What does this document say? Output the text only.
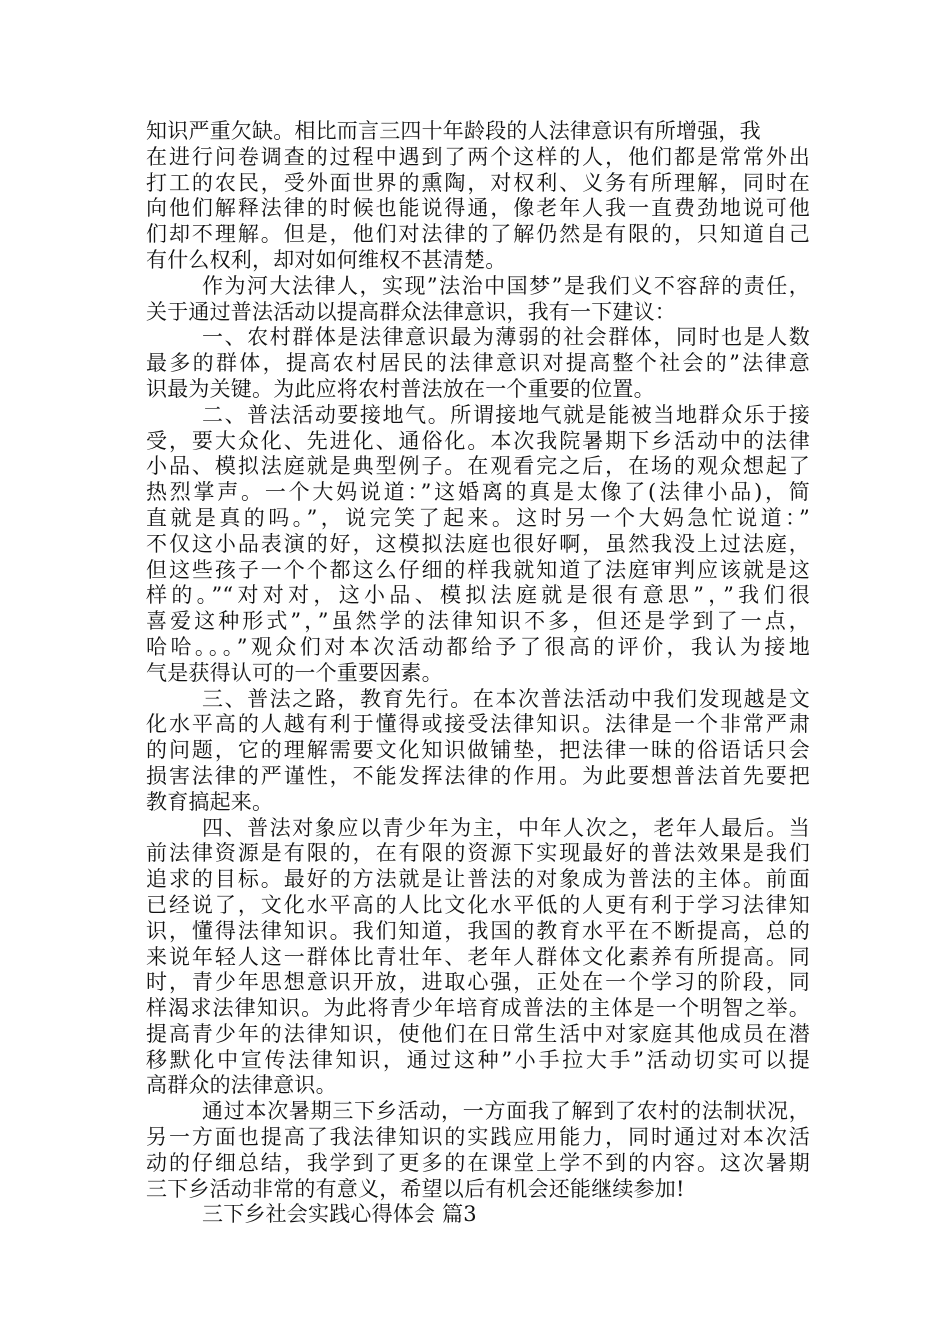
知识严重欠缺。相比而言三四十年龄段的人法律意识有所增强，我
在进行问卷调查的过程中遇到了两个这样的人，他们都是常常外出
打工的农民，受外面世界的熏陶，对权利、义务有所理解，同时在
向他们解释法律的时候也能说得通，像老年人我一直费劲地说可他
们却不理解。但是，他们对法律的了解仍然是有限的，只知道自己
有什么权利，却对如何维权不甚清楚。
作为河大法律人，实现”法治中国梦”是我们义不容辞的责任，
关于通过普法活动以提高群众法律意识，我有一下建议：
一、农村群体是法律意识最为薄弱的社会群体，同时也是人数
最多的群体，提高农村居民的法律意识对提高整个社会的”法律意
识最为关键。为此应将农村普法放在一个重要的位置。
二、普法活动要接地气。所谓接地气就是能被当地群众乐于接
受，要大众化、先进化、通俗化。本次我院暑期下乡活动中的法律
小品、模拟法庭就是典型例子。在观看完之后，在场的观众想起了
热烈掌声。一个大妈说道：”这婚离的真是太像了(法律小品)，简
直就是真的吗。”，说完笑了起来。这时另一个大妈急忙说道：”
不仅这小品表演的好，这模拟法庭也很好啊，虽然我没上过法庭，
但这些孩子一个个都这么仔细的样我就知道了法庭审判应该就是这
样的。”“对对对，这小品、模拟法庭就是很有意思”，”我们很
喜爱这种形式”，”虽然学的法律知识不多，但还是学到了一点，
哈哈。。。”观众们对本次活动都给予了很高的评价，我认为接地
气是获得认可的一个重要因素。
三、普法之路，教育先行。在本次普法活动中我们发现越是文
化水平高的人越有利于懂得或接受法律知识。法律是一个非常严肃
的问题，它的理解需要文化知识做铺垫，把法律一昧的俗语话只会
损害法律的严谨性，不能发挥法律的作用。为此要想普法首先要把
教育搞起来。
四、普法对象应以青少年为主，中年人次之，老年人最后。当
前法律资源是有限的，在有限的资源下实现最好的普法效果是我们
追求的目标。最好的方法就是让普法的对象成为普法的主体。前面
已经说了，文化水平高的人比文化水平低的人更有利于学习法律知
识，懂得法律知识。我们知道，我国的教育水平在不断提高，总的
来说年轻人这一群体比青壮年、老年人群体文化素养有所提高。同
时，青少年思想意识开放，进取心强，正处在一个学习的阶段，同
样渴求法律知识。为此将青少年培育成普法的主体是一个明智之举。
提高青少年的法律知识，使他们在日常生活中对家庭其他成员在潜
移默化中宣传法律知识，通过这种”小手拉大手”活动切实可以提
高群众的法律意识。
通过本次暑期三下乡活动，一方面我了解到了农村的法制状况，
另一方面也提高了我法律知识的实践应用能力，同时通过对本次活
动的仔细总结，我学到了更多的在课堂上学不到的内容。这次暑期
三下乡活动非常的有意义，希望以后有机会还能继续参加!
三下乡社会实践心得体会 篇3
